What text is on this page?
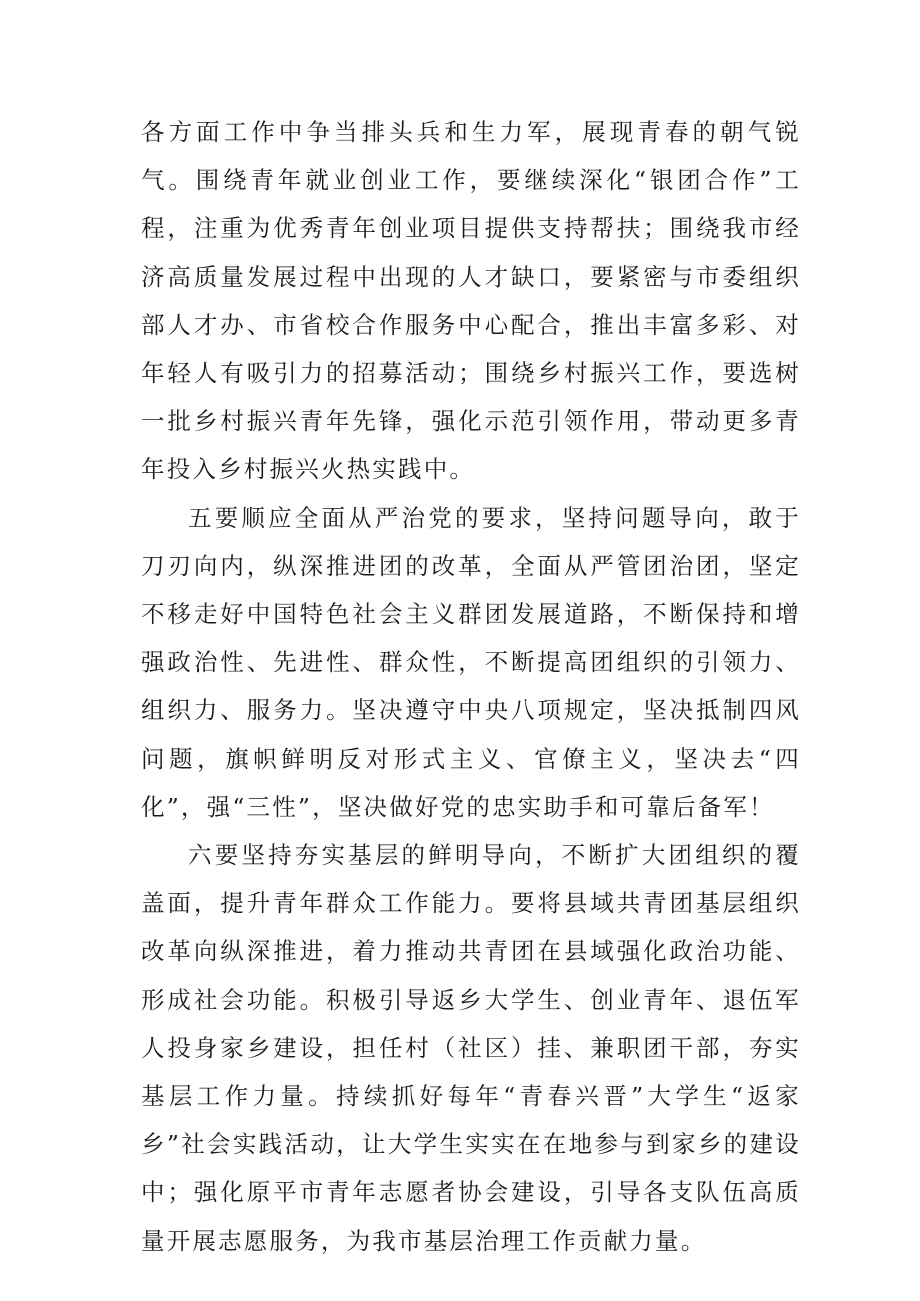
各方面工作中争当排头兵和生力军，展现青春的朝气锐气。围绕青年就业创业工作，要继续深化“银团合作”工程，注重为优秀青年创业项目提供支持帮扶；围绕我市经济高质量发展过程中出现的人才缺口，要紧密与市委组织部人才办、市省校合作服务中心配合，推出丰富多彩、对年轻人有吸引力的招募活动；围绕乡村振兴工作，要选树一批乡村振兴青年先锋，强化示范引领作用，带动更多青年投入乡村振兴火热实践中。

五要顺应全面从严治党的要求，坚持问题导向，敢于刀刃向内，纵深推进团的改革，全面从严管团治团，坚定不移走好中国特色社会主义群团发展道路，不断保持和增强政治性、先进性、群众性，不断提高团组织的引领力、组织力、服务力。坚决遵守中央八项规定，坚决抵制四风问题，旗帜鲜明反对形式主义、官僚主义，坚决去“四化”，强“三性”，坚决做好党的忠实助手和可靠后备军！

六要坚持夯实基层的鲜明导向，不断扩大团组织的覆盖面，提升青年群众工作能力。要将县域共青团基层组织改革向纵深推进，着力推动共青团在县域强化政治功能、形成社会功能。积极引导返乡大学生、创业青年、退伍军人投身家乡建设，担任村（社区）挂、兼职团干部，夯实基层工作力量。持续抓好每年“青春兴晋”大学生“返家乡”社会实践活动，让大学生实实在在地参与到家乡的建设中；强化原平市青年志愿者协会建设，引导各支队伍高质量开展志愿服务，为我市基层治理工作贡献力量。
